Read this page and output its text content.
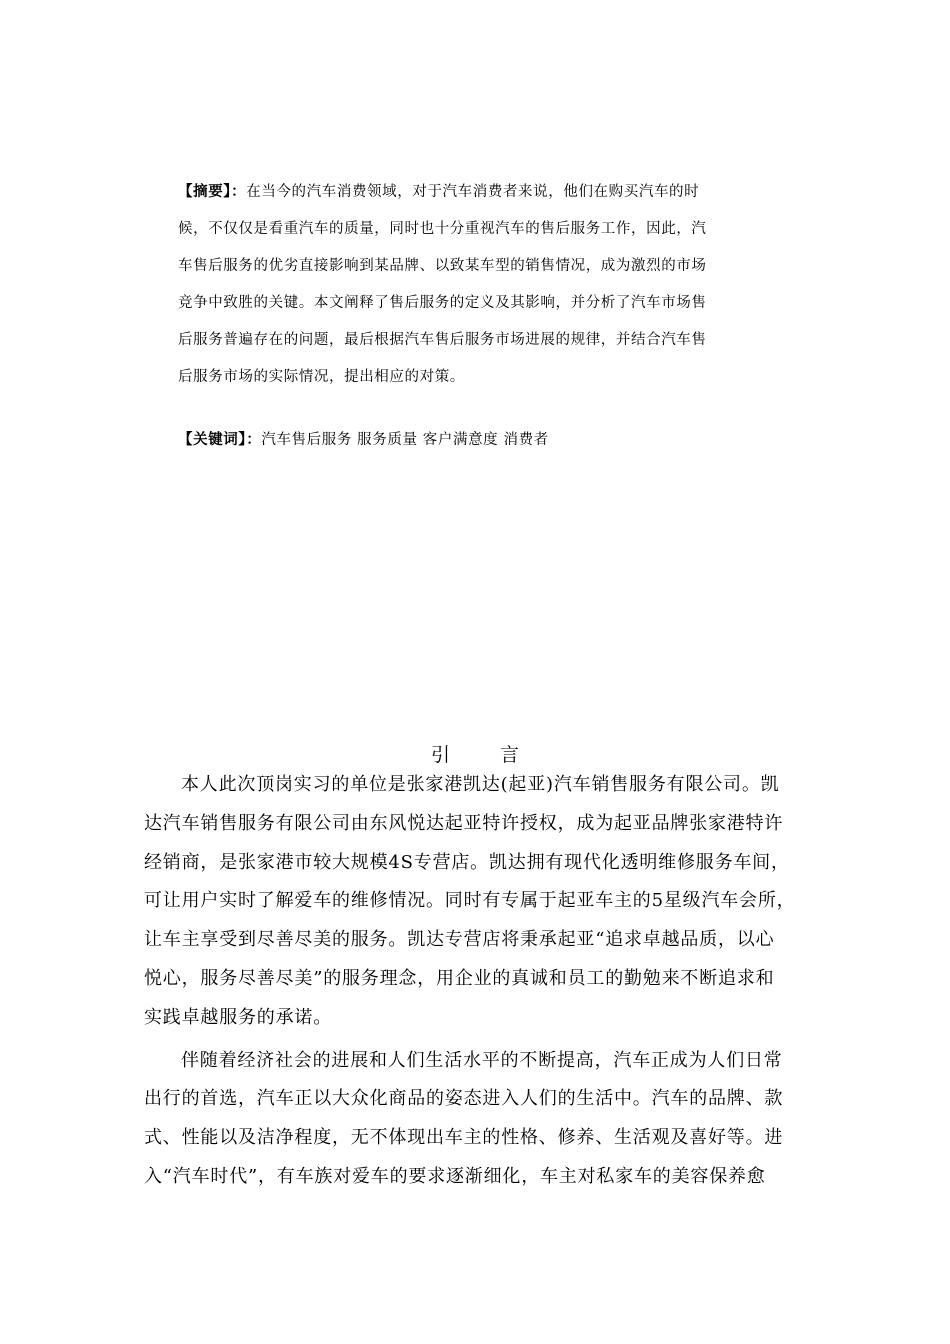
【摘要】：在当今的汽车消费领域，对于汽车消费者来说，他们在购买汽车的时
候，不仅仅是看重汽车的质量，同时也十分重视汽车的售后服务工作，因此，汽
车售后服务的优劣直接影响到某品牌、以致某车型的销售情况，成为激烈的市场
竞争中致胜的关键。本文阐释了售后服务的定义及其影响，并分析了汽车市场售
后服务普遍存在的问题，最后根据汽车售后服务市场进展的规律，并结合汽车售
后服务市场的实际情况，提出相应的对策。
【关键词】：汽车售后服务 服务质量 客户满意度 消费者
引言
本人此次顶岗实习的单位是张家港凯达(起亚)汽车销售服务有限公司。凯
达汽车销售服务有限公司由东风悦达起亚特许授权，成为起亚品牌张家港特许
经销商，是张家港市较大规模4S专营店。凯达拥有现代化透明维修服务车间，
可让用户实时了解爱车的维修情况。同时有专属于起亚车主的5星级汽车会所，
让车主享受到尽善尽美的服务。凯达专营店将秉承起亚“追求卓越品质，以心
悦心，服务尽善尽美”的服务理念，用企业的真诚和员工的勤勉来不断追求和
实践卓越服务的承诺。
伴随着经济社会的进展和人们生活水平的不断提高，汽车正成为人们日常
出行的首选，汽车正以大众化商品的姿态进入人们的生活中。汽车的品牌、款
式、性能以及洁净程度，无不体现出车主的性格、修养、生活观及喜好等。进
入“汽车时代”，有车族对爱车的要求逐渐细化，车主对私家车的美容保养愈
